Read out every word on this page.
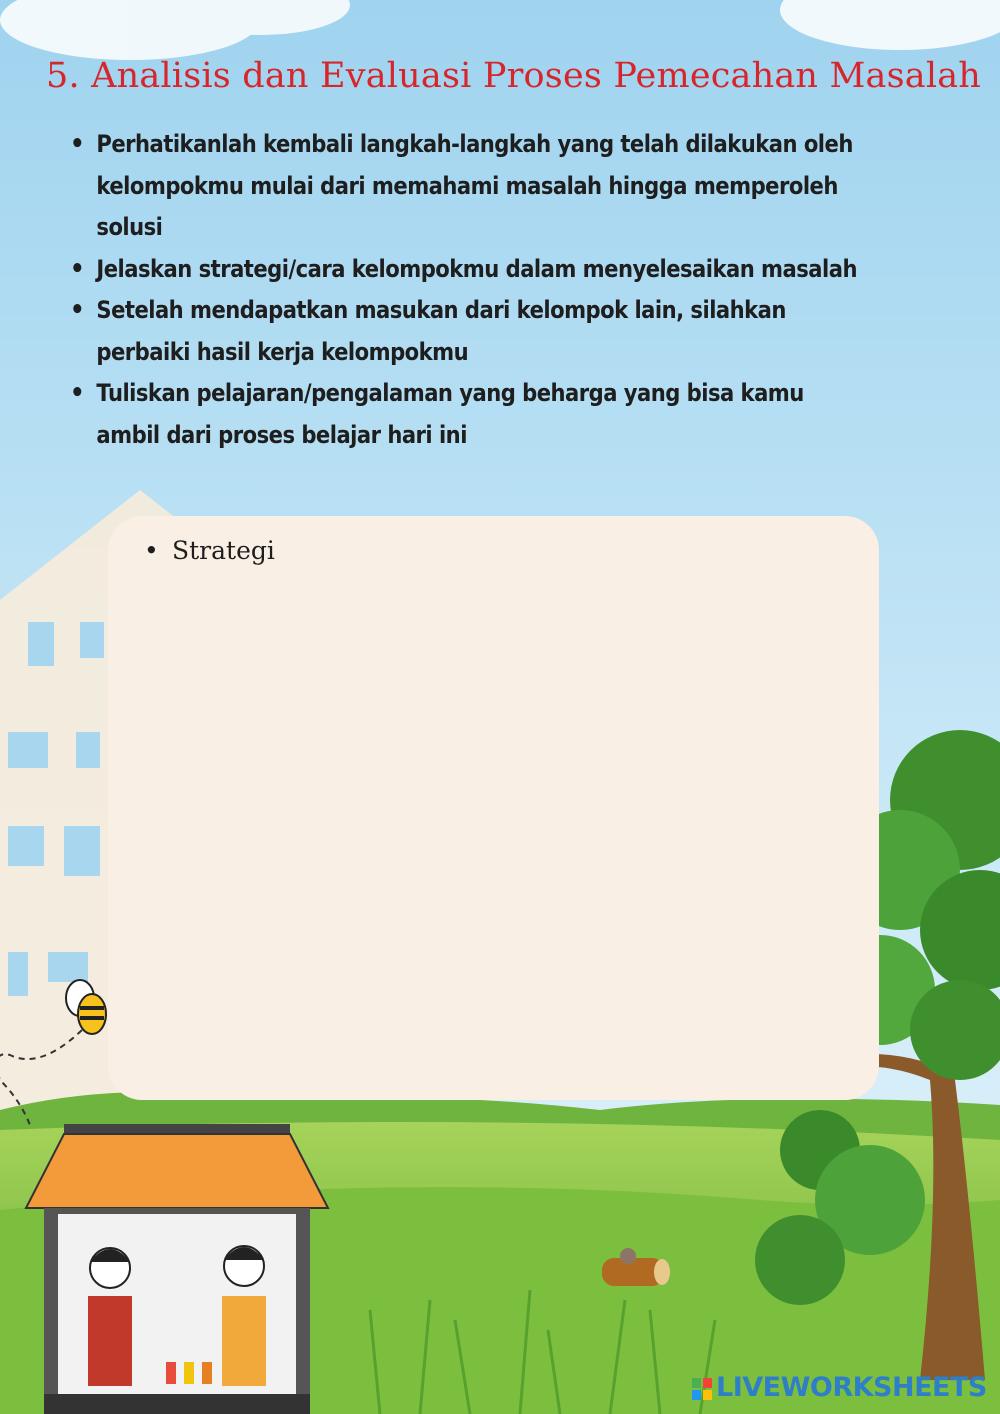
5. Analisis dan Evaluasi Proses Pemecahan Masalah
• Perhatikanlah kembali langkah-langkah yang telah dilakukan oleh kelompokmu mulai dari memahami masalah hingga memperoleh solusi
• Jelaskan strategi/cara kelompokmu dalam menyelesaikan masalah
• Setelah mendapatkan masukan dari kelompok lain, silahkan perbaiki hasil kerja kelompokmu
• Tuliskan pelajaran/pengalaman yang beharga yang bisa kamu ambil dari proses belajar hari ini

• Strategi

LIVEWORKSHEETS
